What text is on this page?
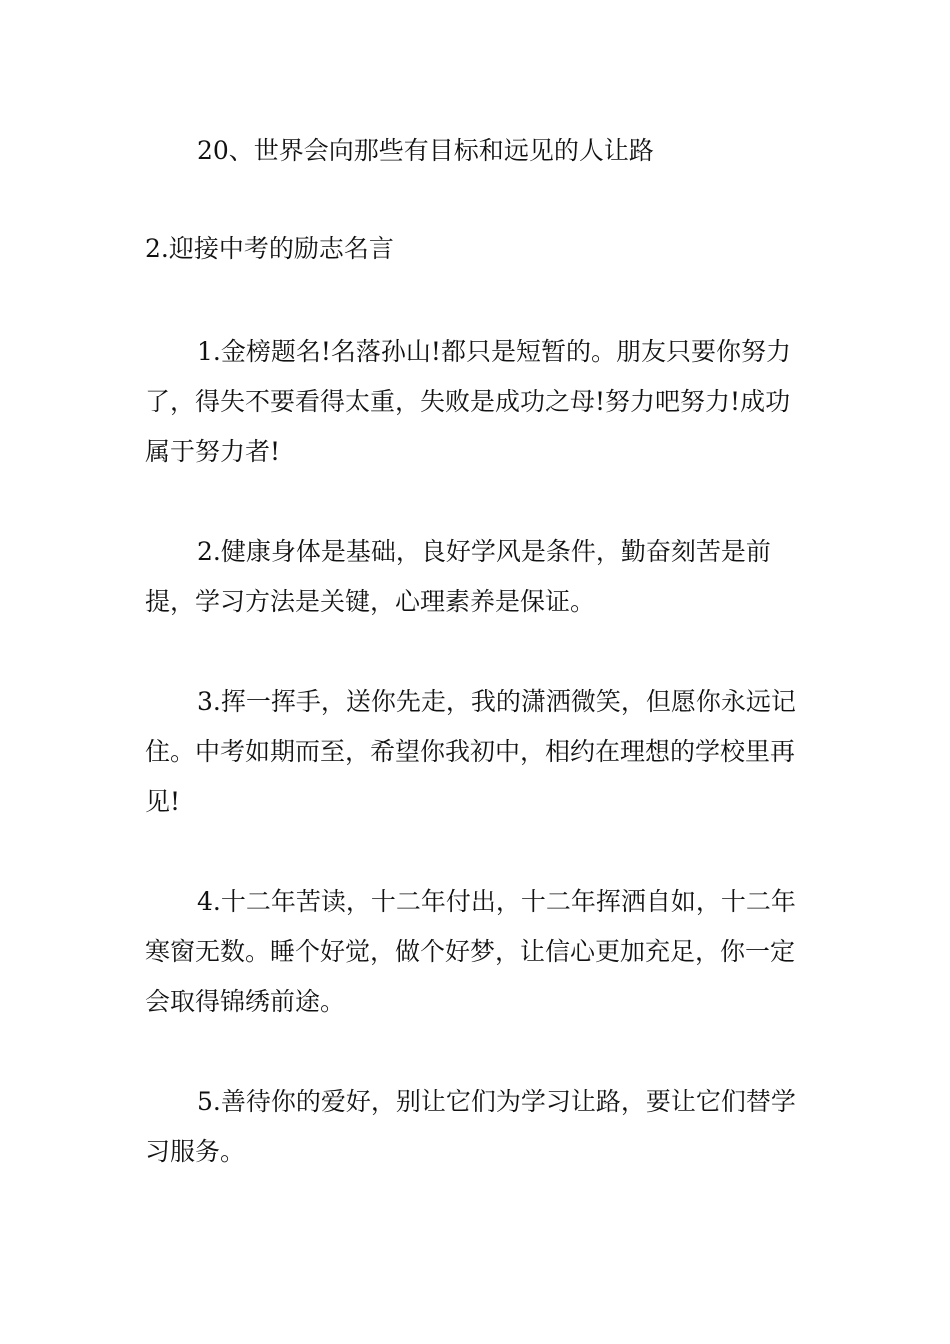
20、世界会向那些有目标和远见的人让路

2.迎接中考的励志名言

1.金榜题名!名落孙山!都只是短暂的。朋友只要你努力了，得失不要看得太重，失败是成功之母!努力吧努力!成功属于努力者!

2.健康身体是基础，良好学风是条件，勤奋刻苦是前提，学习方法是关键，心理素养是保证。

3.挥一挥手，送你先走，我的潇洒微笑，但愿你永远记住。中考如期而至，希望你我初中，相约在理想的学校里再见!

4.十二年苦读，十二年付出，十二年挥洒自如，十二年寒窗无数。睡个好觉，做个好梦，让信心更加充足，你一定会取得锦绣前途。

5.善待你的爱好，别让它们为学习让路，要让它们替学习服务。
